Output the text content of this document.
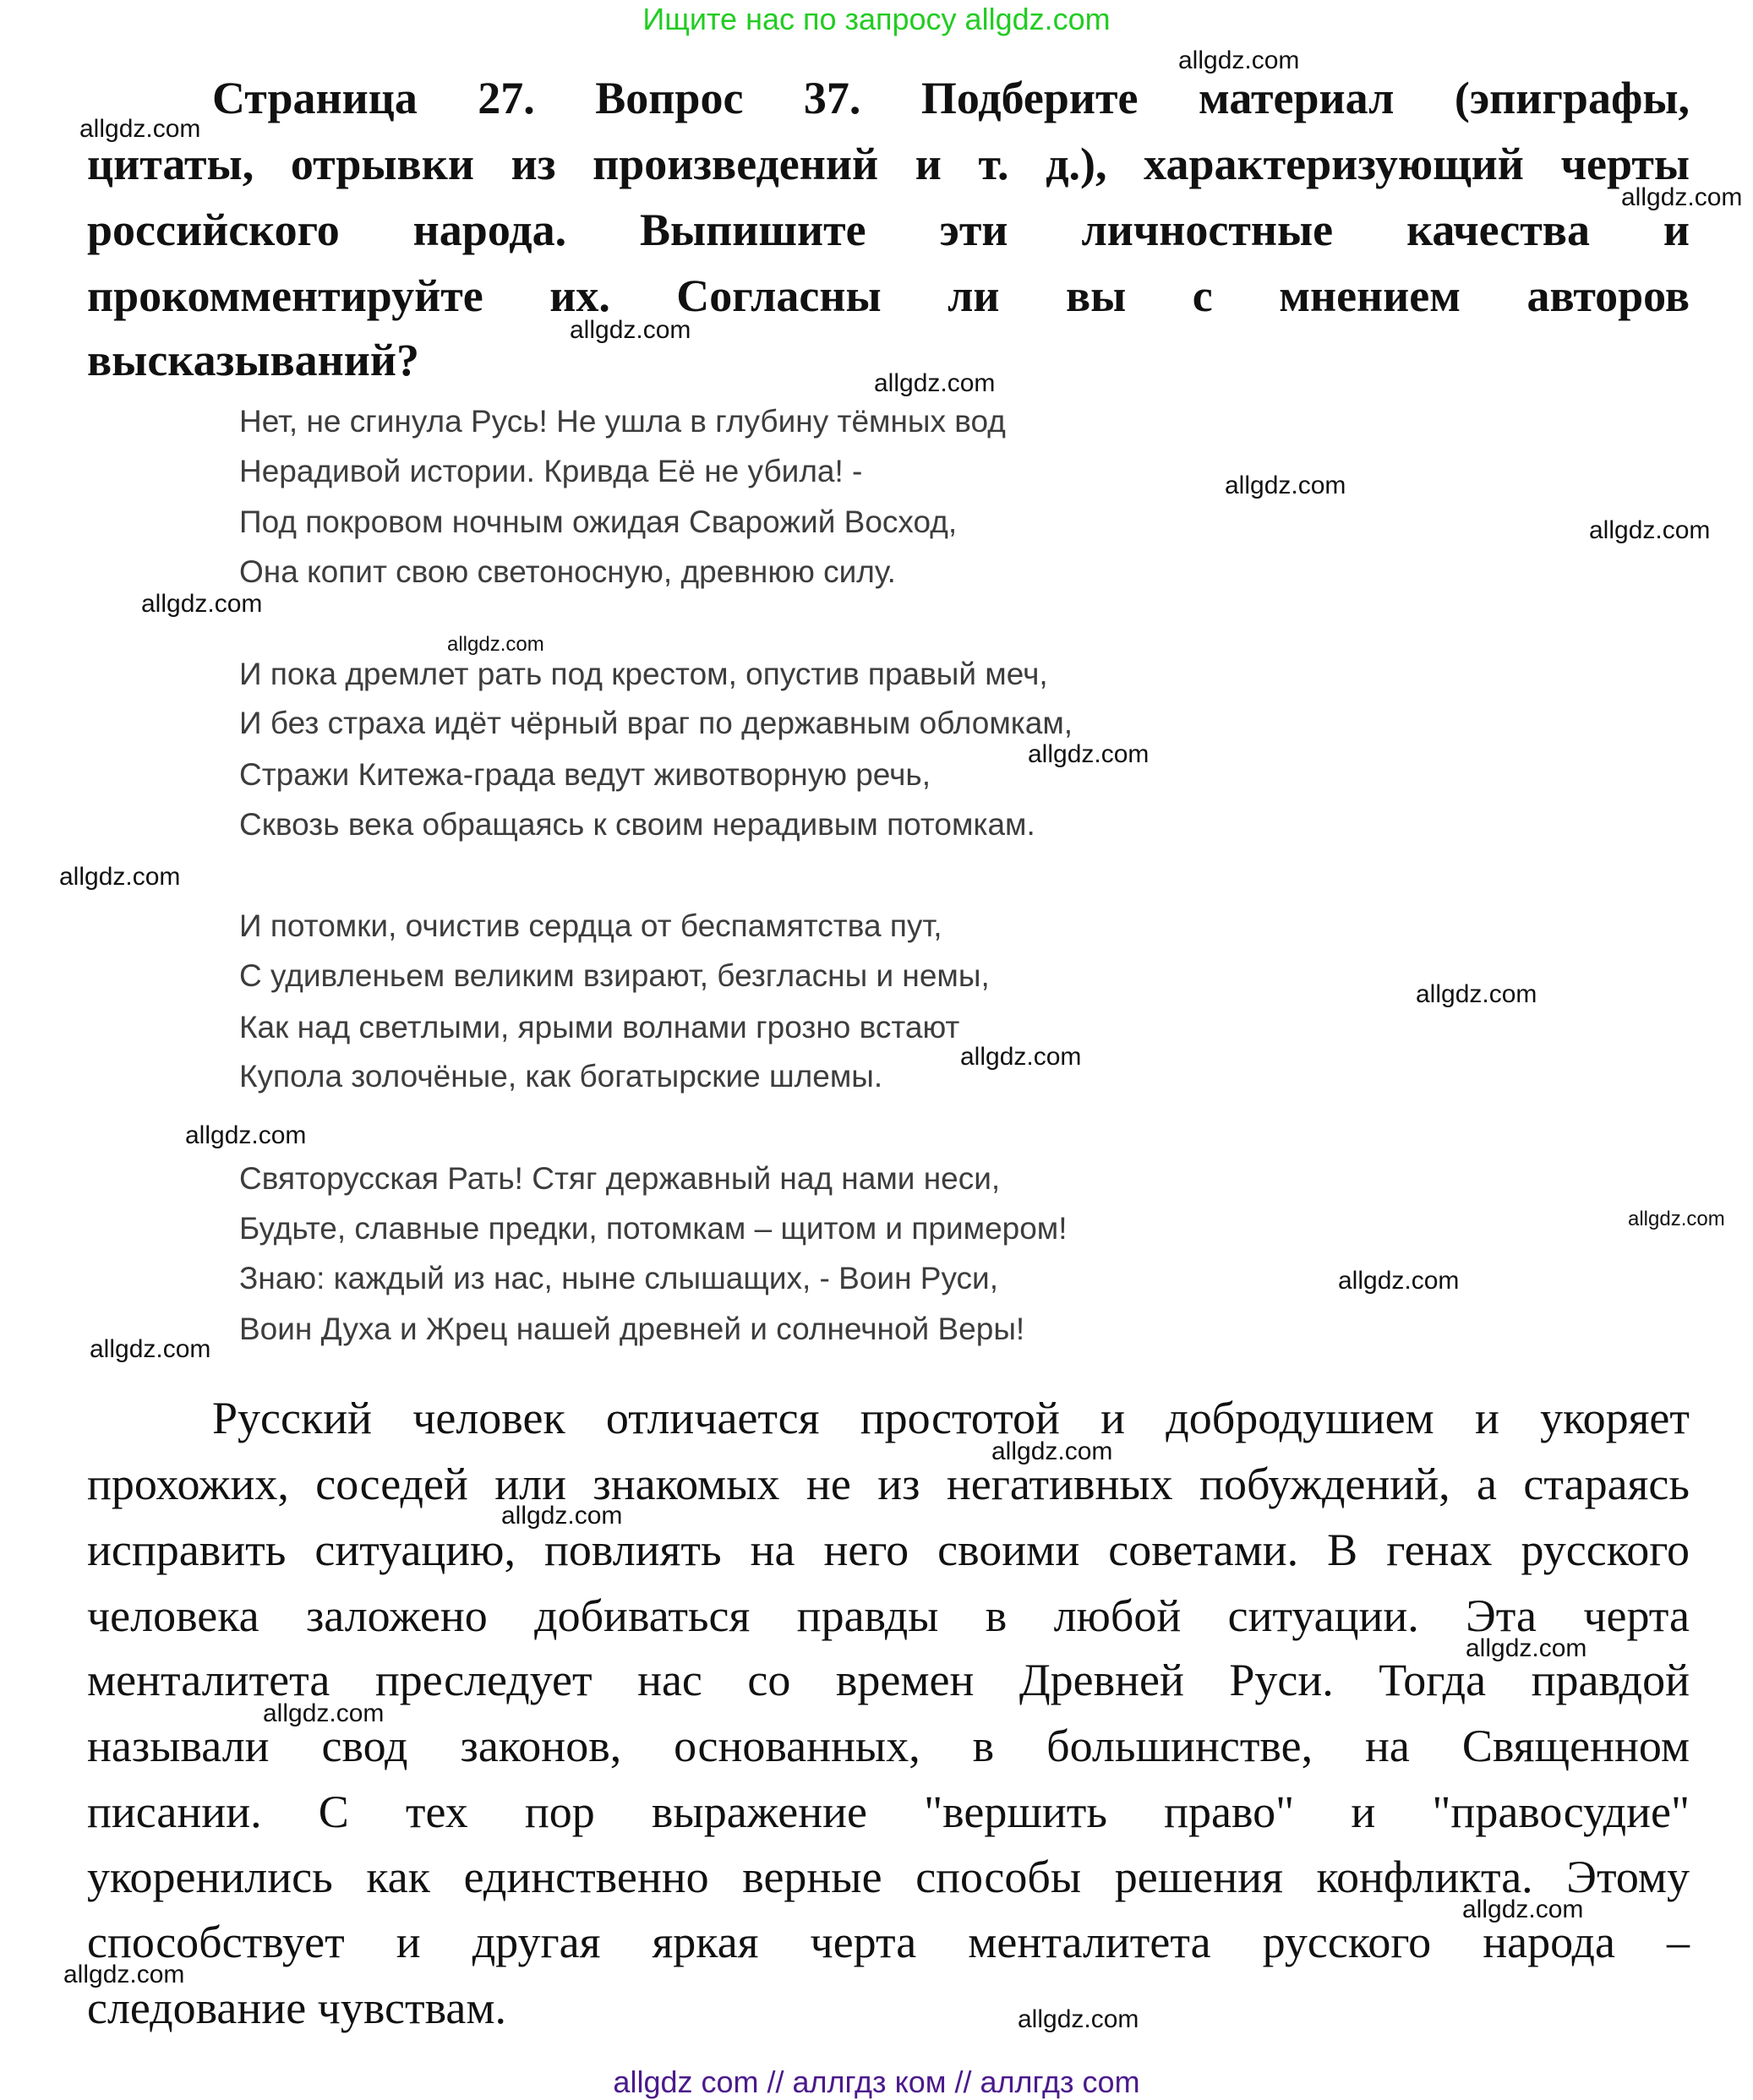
Ищите нас по запросу allgdz.com
Страница 27. Вопрос 37. Подберите материал (эпиграфы,
цитаты, отрывки из произведений и т. д.), характеризующий черты
российского народа. Выпишите эти личностные качества и
прокомментируйте их. Согласны ли вы с мнением авторов
высказываний?
Нет, не сгинула Русь! Не ушла в глубину тёмных вод
Нерадивой истории. Кривда Её не убила! -
Под покровом ночным ожидая Сварожий Восход,
Она копит свою светоносную, древнюю силу.
И пока дремлет рать под крестом, опустив правый меч,
И без страха идёт чёрный враг по державным обломкам,
Стражи Китежа-града ведут животворную речь,
Сквозь века обращаясь к своим нерадивым потомкам.
И потомки, очистив сердца от беспамятства пут,
С удивленьем великим взирают, безгласны и немы,
Как над светлыми, ярыми волнами грозно встают
Купола золочёные, как богатырские шлемы.
Святорусская Рать! Стяг державный над нами неси,
Будьте, славные предки, потомкам – щитом и примером!
Знаю: каждый из нас, ныне слышащих, - Воин Руси,
Воин Духа и Жрец нашей древней и солнечной Веры!
Русский человек отличается простотой и добродушием и укоряет
прохожих, соседей или знакомых не из негативных побуждений, а стараясь
исправить ситуацию, повлиять на него своими советами. В генах русского
человека заложено добиваться правды в любой ситуации. Эта черта
менталитета преследует нас со времен Древней Руси. Тогда правдой
называли свод законов, основанных, в большинстве, на Священном
писании. С тех пор выражение "вершить право" и "правосудие"
укоренились как единственно верные способы решения конфликта. Этому
способствует и другая яркая черта менталитета русского народа –
следование чувствам.
allgdz.com
allgdz.com
allgdz.com
allgdz.com
allgdz.com
allgdz.com
allgdz.com
allgdz.com
allgdz.com
allgdz.com
allgdz.com
allgdz.com
allgdz.com
allgdz.com
allgdz.com
allgdz.com
allgdz.com
allgdz.com
allgdz.com
allgdz.com
allgdz.com
allgdz.com
allgdz.com
allgdz.com
allgdz com // аллгдз ком // аллгдз com
